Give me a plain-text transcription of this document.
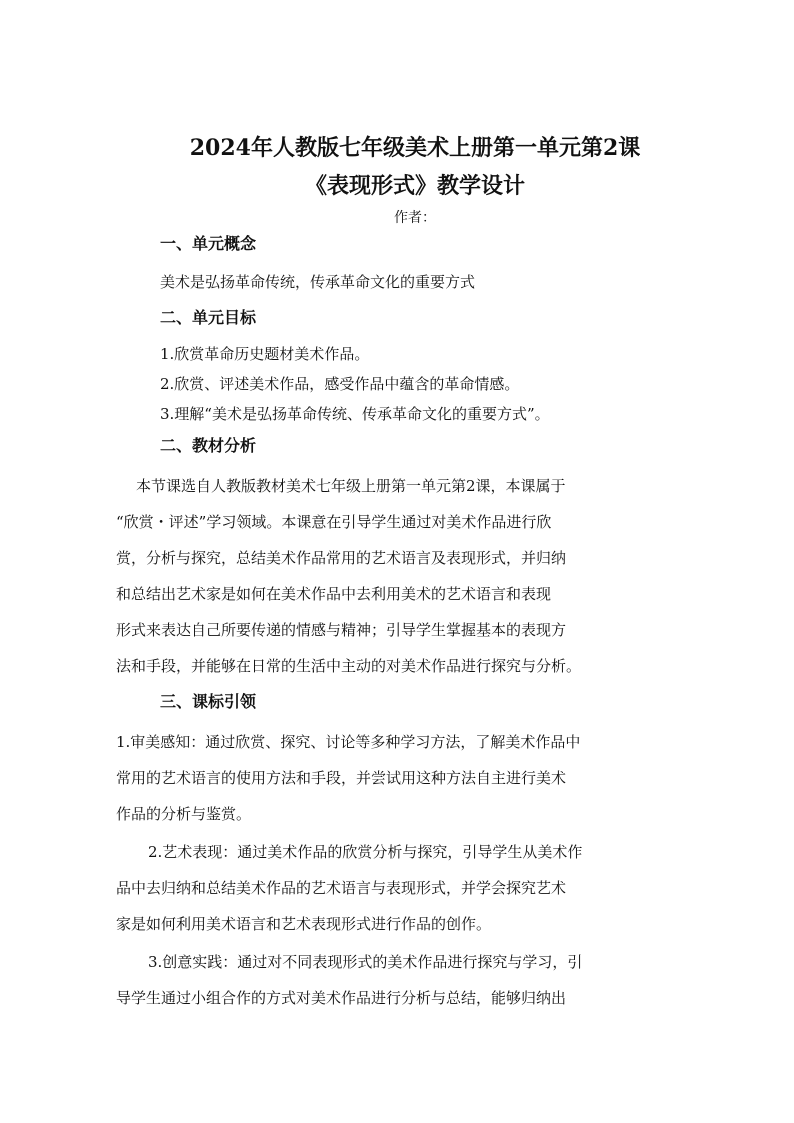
2024年人教版七年级美术上册第一单元第2课
《表现形式》教学设计
作者：
一、单元概念
美术是弘扬革命传统，传承革命文化的重要方式
二、单元目标
1.欣赏革命历史题材美术作品。
2.欣赏、评述美术作品，感受作品中蕴含的革命情感。
3.理解“美术是弘扬革命传统、传承革命文化的重要方式”。
二、教材分析
本节课选自人教版教材美术七年级上册第一单元第2课，本课属于
“欣赏・评述”学习领域。本课意在引导学生通过对美术作品进行欣
赏，分析与探究，总结美术作品常用的艺术语言及表现形式，并归纳
和总结出艺术家是如何在美术作品中去利用美术的艺术语言和表现
形式来表达自己所要传递的情感与精神；引导学生掌握基本的表现方
法和手段，并能够在日常的生活中主动的对美术作品进行探究与分析。
三、课标引领
1.审美感知：通过欣赏、探究、讨论等多种学习方法，了解美术作品中
常用的艺术语言的使用方法和手段，并尝试用这种方法自主进行美术
作品的分析与鉴赏。
2.艺术表现：通过美术作品的欣赏分析与探究，引导学生从美术作
品中去归纳和总结美术作品的艺术语言与表现形式，并学会探究艺术
家是如何利用美术语言和艺术表现形式进行作品的创作。
3.创意实践：通过对不同表现形式的美术作品进行探究与学习，引
导学生通过小组合作的方式对美术作品进行分析与总结，能够归纳出
